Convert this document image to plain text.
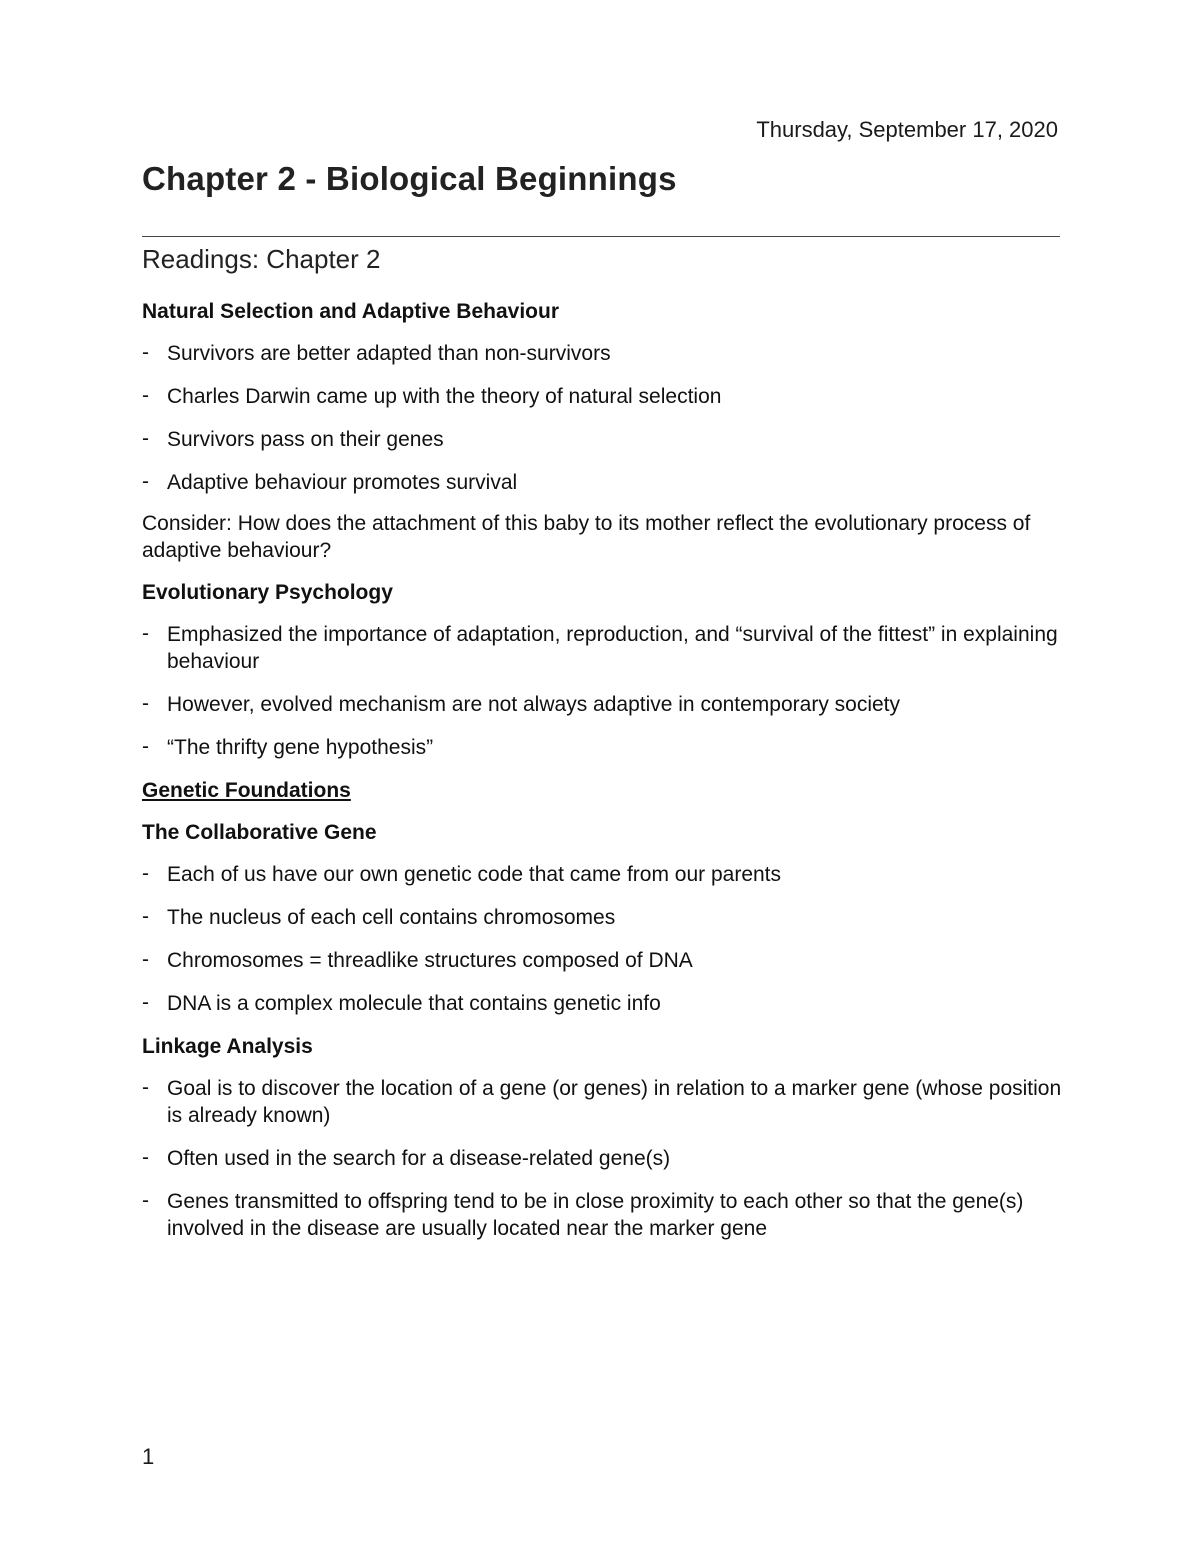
Thursday, September 17, 2020
Chapter 2 - Biological Beginnings
Readings: Chapter 2
Natural Selection and Adaptive Behaviour
- Survivors are better adapted than non-survivors
- Charles Darwin came up with the theory of natural selection
- Survivors pass on their genes
- Adaptive behaviour promotes survival

Consider: How does the attachment of this baby to its mother reflect the evolutionary process of adaptive behaviour?

Evolutionary Psychology
- Emphasized the importance of adaptation, reproduction, and “survival of the fittest” in explaining behaviour
- However, evolved mechanism are not always adaptive in contemporary society
- “The thrifty gene hypothesis”
Genetic Foundations
The Collaborative Gene
- Each of us have our own genetic code that came from our parents
- The nucleus of each cell contains chromosomes
- Chromosomes = threadlike structures composed of DNA
- DNA is a complex molecule that contains genetic info
Linkage Analysis
- Goal is to discover the location of a gene (or genes) in relation to a marker gene (whose position is already known)
- Often used in the search for a disease-related gene(s)
- Genes transmitted to offspring tend to be in close proximity to each other so that the gene(s) involved in the disease are usually located near the marker gene
1
